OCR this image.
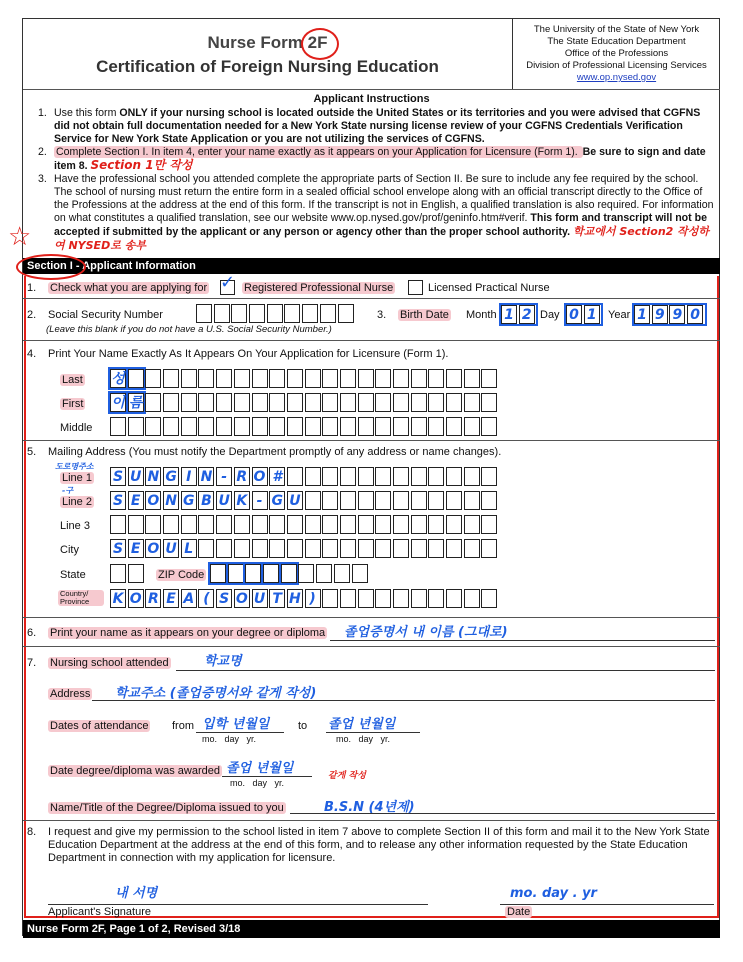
Nurse Form 2F
Certification of Foreign Nursing Education
The University of the State of New York
The State Education Department
Office of the Professions
Division of Professional Licensing Services
www.op.nysed.gov
Applicant Instructions
1. Use this form ONLY if your nursing school is located outside the United States or its territories and you were advised that CGFNS did not obtain full documentation needed for a New York State nursing license review of your CGFNS Credentials Verification Service for New York State Application or you are not utilizing the services of CGFNS.
2. Complete Section I. In item 4, enter your name exactly as it appears on your Application for Licensure (Form 1). Be sure to sign and date item 8. Section 1만 작성
3. Have the professional school you attended complete the appropriate parts of Section II. Be sure to include any fee required by the school. The school of nursing must return the entire form in a sealed official school envelope along with an official transcript directly to the Office of the Professions at the address at the end of this form. If the transcript is not in English, a qualified translation is also required. For information on what constitutes a qualified translation, see our website www.op.nysed.gov/prof/geninfo.htm#verif. This form and transcript will not be accepted if submitted by the applicant or any person or agency other than the proper school authority. 학교에서 Section2 작성하여 NYSED로 송부
☆
Section I - Applicant Information
1. Check what you are applying for ✓ Registered Professional Nurse	Licensed Practical Nurse
2. Social Security Number
(Leave this blank if you do not have a U.S. Social Security Number.)
3. Birth Date Month 1 2 Day 0 1 Year 1 9 9 0
4. Print Your Name Exactly As It Appears On Your Application for Licensure (Form 1).
Last 성
First 이 름
Middle
5. Mailing Address (You must notify the Department promptly of any address or name changes).
도로명주소
Line 1 S U N G I N - R O #
-구
Line 2 S E O N G B U K - G U
Line 3
City S E O U L
State	ZIP Code
Country/ Province	K O R E A ( S O U T H )
6. Print your name as it appears on your degree or diploma 졸업증명서 내 이름 (그대로)
7. Nursing school attended	학교명
Address 학교주소 (졸업증명서와 같게 작성)
Dates of attendance from 입학 년월일
mo.   day   yr.
to 졸업 년월일
mo.   day   yr.
Date degree/diploma was awarded 졸업 년월일
mo.   day   yr.
같게 작성
Name/Title of the Degree/Diploma issued to you	B.S.N (4년제)
8. I request and give my permission to the school listed in item 7 above to complete Section II of this form and mail it to the New York State Education Department at the address at the end of this form, and to release any other information requested by the State Education Department in connection with my application for licensure.
내 서명
Applicant's Signature
mo. day . yr
Date
Nurse Form 2F, Page 1 of 2, Revised 3/18
